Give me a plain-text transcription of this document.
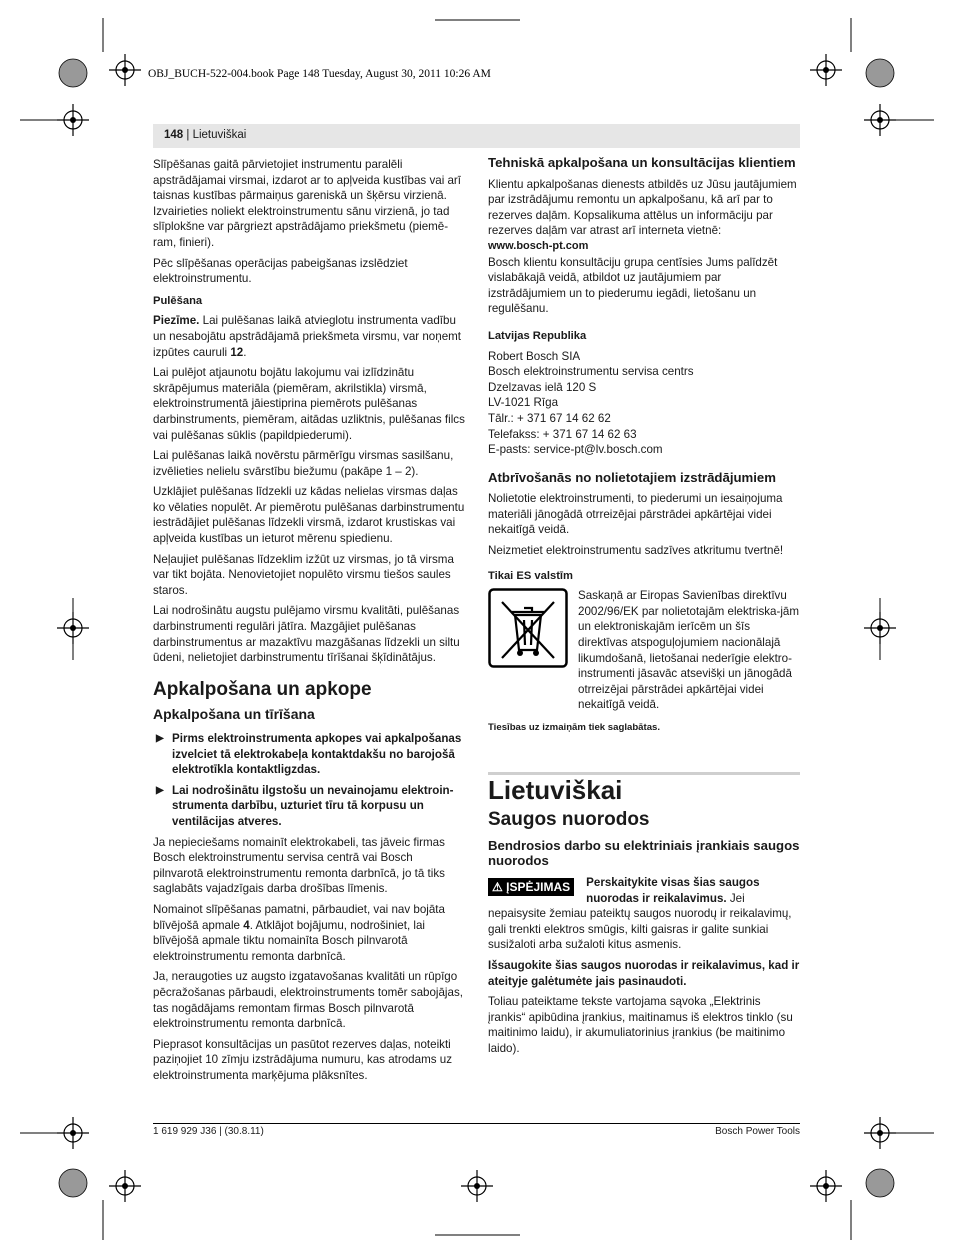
OBJ_BUCH-522-004.book Page 148 Tuesday, August 30, 2011 10:26 AM
148 | Lietuviškai

Slīpēšanas gaitā pārvietojiet instrumentu paralēli apstrādājamai virsmai, izdarot ar to apļveida kustības vai arī taisnas kustības pārmaiņus gareniskā un šķērsu virzienā. Izvairieties noliekt elektroinstrumentu sānu virzienā, jo tad slīplokšne var pārgriezt apstrādājamo priekšmetu (piemē-ram, finieri).

Pēc slīpēšanas operācijas pabeigšanas izslēdziet elektroinstrumentu.

Pulēšana

Piezīme. Lai pulēšanas laikā atvieglotu instrumenta vadību un nesabojātu apstrādājamā priekšmeta virsmu, var noņemt izpūtes cauruli 12.

Lai pulējot atjaunotu bojātu lakojumu vai izlīdzinātu skrāpējumus materiāla (piemēram, akrilstikla) virsmā, elektroinstrumentā jāiestiprina piemērots pulēšanas darbinstruments, piemēram, aitādas uzliktnis, pulēšanas filcs vai pulēšanas sūklis (papildpiederumi).

Lai pulēšanas laikā novērstu pārmērīgu virsmas sasilšanu, izvēlieties nelielu svārstību biežumu (pakāpe 1 – 2).

Uzklājiet pulēšanas līdzekli uz kādas nelielas virsmas daļas ko vēlaties nopulēt. Ar piemērotu pulēšanas darbinstrumentu iestrādājiet pulēšanas līdzekli virsmā, izdarot krustiskas vai apļveida kustības un ieturot mērenu spiedienu.

Neļaujiet pulēšanas līdzeklim izžūt uz virsmas, jo tā virsma var tikt bojāta. Nenovietojiet nopulēto virsmu tiešos saules staros.

Lai nodrošinātu augstu pulējamo virsmu kvalitāti, pulēšanas darbinstrumenti regulāri jātīra. Mazgājiet pulēšanas darbinstrumentus ar mazaktīvu mazgāšanas līdzekli un siltu ūdeni, nelietojiet darbinstrumentu tīrīšanai šķīdinātājus.

Apkalpošana un apkope
Apkalpošana un tīrīšana
▶ Pirms elektroinstrumenta apkopes vai apkalpošanas izvelciet tā elektrokabeļa kontaktdakšu no barojošā elektrotīkla kontaktligzdas.
▶ Lai nodrošinātu ilgstošu un nevainojamu elektroin-strumenta darbību, uzturiet tīru tā korpusu un ventilācijas atveres.

Ja nepieciešams nomainīt elektrokabeli, tas jāveic firmas Bosch elektroinstrumentu servisa centrā vai Bosch pilnvarotā elektroinstrumentu remonta darbnīcā, jo tā tiks saglabāts vajadzīgais darba drošības līmenis.

Nomainot slīpēšanas pamatni, pārbaudiet, vai nav bojāta blīvējošā apmale 4. Atklājot bojājumu, nodrošiniet, lai blīvējošā apmale tiktu nomainīta Bosch pilnvarotā elektroinstrumentu remonta darbnīcā.

Ja, neraugoties uz augsto izgatavošanas kvalitāti un rūpīgo pēcražošanas pārbaudi, elektroinstruments tomēr sabojājas, tas nogādājams remontam firmas Bosch pilnvarotā elektroinstrumentu remonta darbnīcā.

Pieprasot konsultācijas un pasūtot rezerves daļas, noteikti paziņojiet 10 zīmju izstrādājuma numuru, kas atrodams uz elektroinstrumenta marķējuma plāksnītes.

Tehniskā apkalpošana un konsultācijas klientiem

Klientu apkalpošanas dienests atbildēs uz Jūsu jautājumiem par izstrādājumu remontu un apkalpošanu, kā arī par to rezerves daļām. Kopsalikuma attēlus un informāciju par rezerves daļām var atrast arī interneta vietnē:

www.bosch-pt.com

Bosch klientu konsultāciju grupa centīsies Jums palīdzēt vislabākajā veidā, atbildot uz jautājumiem par izstrādājumiem un to piederumu iegādi, lietošanu un regulēšanu.

Latvijas Republika
Robert Bosch SIA
Bosch elektroinstrumentu servisa centrs
Dzelzavas ielā 120 S
LV-1021 Rīga
Tālr.: + 371 67 14 62 62
Telefakss: + 371 67 14 62 63
E-pasts: service-pt@lv.bosch.com
Atbrīvošanās no nolietotajiem izstrādājumiem

Nolietotie elektroinstrumenti, to piederumi un iesaiņojuma materiāli jānogādā otrreizējai pārstrādei apkārtējai videi nekaitīgā veidā.

Neizmetiet elektroinstrumentu sadzīves atkritumu tvertnē!

Tikai ES valstīm

Saskaņā ar Eiropas Savienības direktīvu 2002/96/EK par nolietotajām elektriska-jām un elektroniskajām ierīcēm un šīs direktīvas atspoguļojumiem nacionālajā likumdošanā, lietošanai nederīgie elektro-instrumenti jāsavāc atsevišķi un jānogādā otrreizējai pārstrādei apkārtējai videi nekaitīgā veidā.

Tiesības uz izmaiņām tiek saglabātas.

Lietuviškai
Saugos nuorodos
Bendrosios darbo su elektriniais įrankiais saugos nuorodos
⚠ ĮSPĖJIMAS	Perskaitykite visas šias saugos nuorodas ir reikalavimus. Jei nepaisysite žemiau pateiktų saugos nuorodų ir reikalavimų, gali trenkti elektros smūgis, kilti gaisras ir galite sunkiai susižaloti arba sužaloti kitus asmenis.

Išsaugokite šias saugos nuorodas ir reikalavimus, kad ir ateityje galėtumėte jais pasinaudoti.

Toliau pateiktame tekste vartojama sąvoka „Elektrinis įrankis“ apibūdina įrankius, maitinamus iš elektros tinklo (su maitinimo laidu), ir akumuliatorinius įrankius (be maitinimo laido).

1 619 929 J36 | (30.8.11)	Bosch Power Tools
